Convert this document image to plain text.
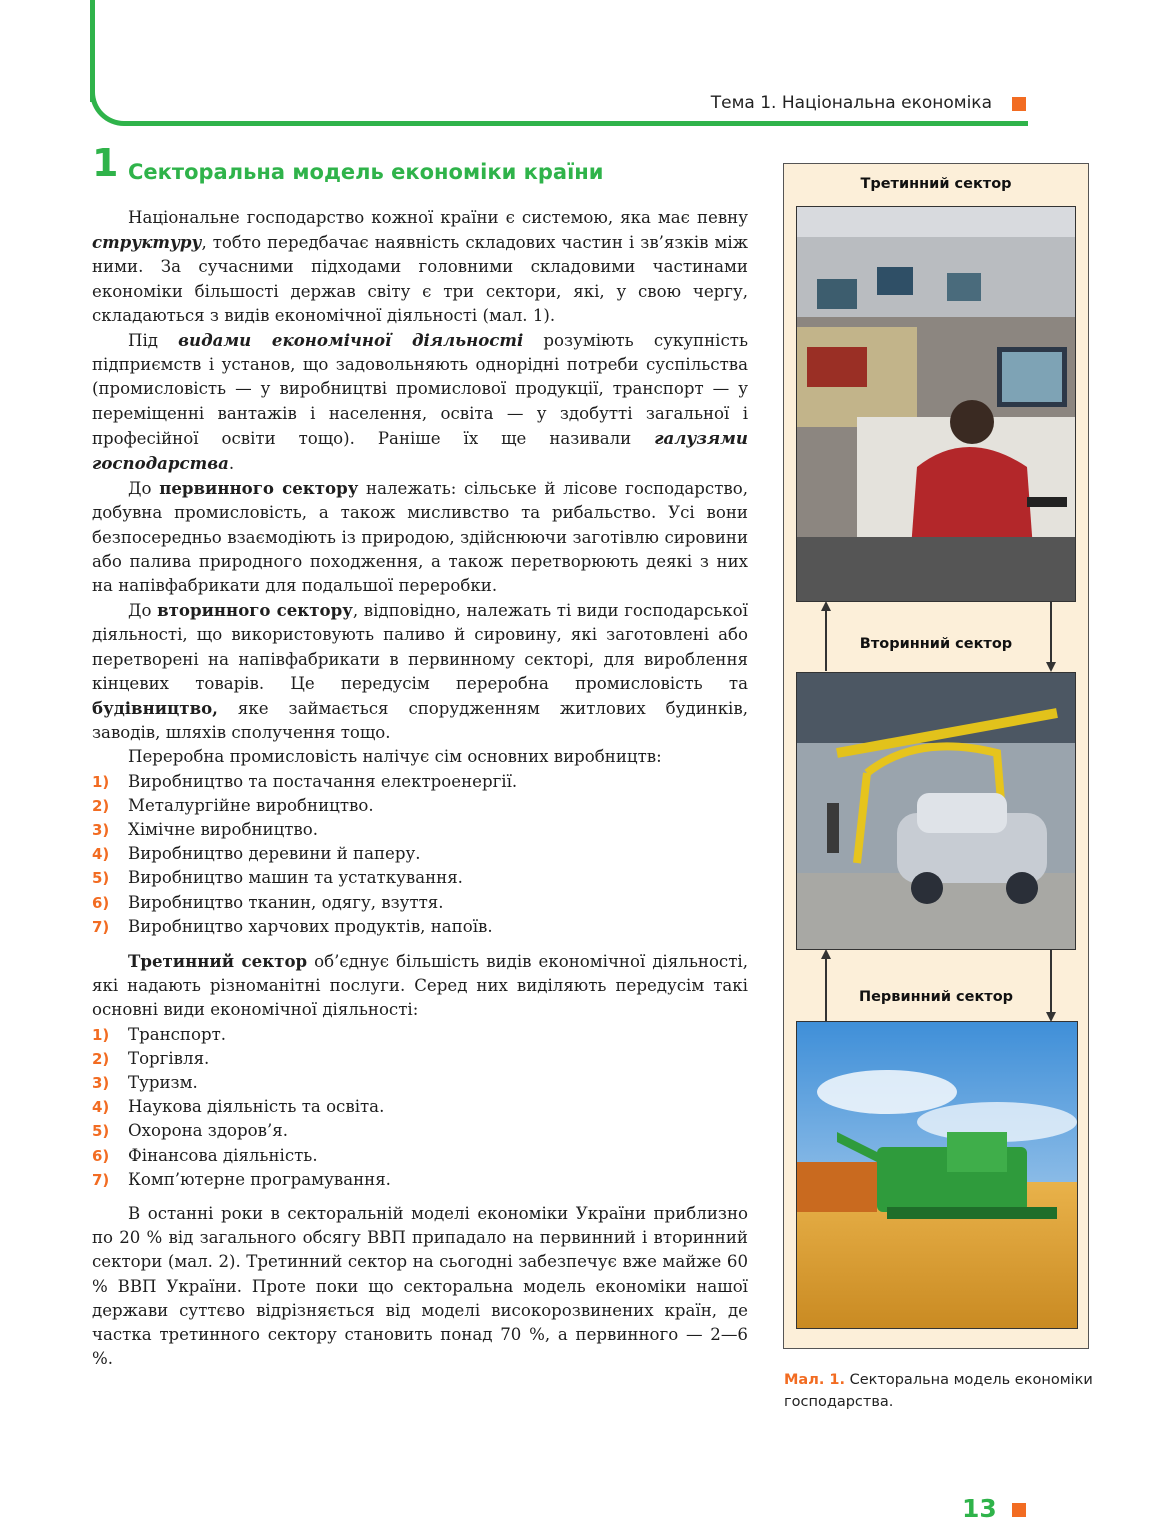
Тема 1. Національна економіка
1 Секторальна модель економіки країни

Національне господарство кожної країни є системою, яка має певну структуру, тобто передбачає наявність складових частин і зв’язків між ними. За сучасними підходами головними складовими частинами економіки більшості держав світу є три сектори, які, у свою чергу, складаються з видів економічної діяльності (мал. 1).

Під видами економічної діяльності розуміють сукупність підприємств і установ, що задовольняють однорідні потреби суспільства (промисловість — у виробництві промислової продукції, транспорт — у переміщенні вантажів і населення, освіта — у здобутті загальної і професійної освіти тощо). Раніше їх ще називали галузями господарства.

До первинного сектору належать: сільське й лісове господарство, добувна промисловість, а також мисливство та рибальство. Усі вони безпосередньо взаємодіють із природою, здійснюючи заготівлю сировини або палива природного походження, а також перетворюють деякі з них на напівфабрикати для подальшої переробки.

До вторинного сектору, відповідно, належать ті види господарської діяльності, що використовують паливо й сировину, які заготовлені або перетворені на напівфабрикати в первинному секторі, для вироблення кінцевих товарів. Це передусім переробна промисловість та будівництво, яке займається спорудженням житлових будинків, заводів, шляхів сполучення тощо.

Переробна промисловість налічує сім основних виробництв:

1) Виробництво та постачання електроенергії.
2) Металургійне виробництво.
3) Хімічне виробництво.
4) Виробництво деревини й паперу.
5) Виробництво машин та устаткування.
6) Виробництво тканин, одягу, взуття.
7) Виробництво харчових продуктів, напоїв.

Третинний сектор об’єднує більшість видів економічної діяльності, які надають різноманітні послуги. Серед них виділяють передусім такі основні види економічної діяльності:

1) Транспорт.
2) Торгівля.
3) Туризм.
4) Наукова діяльність та освіта.
5) Охорона здоров’я.
6) Фінансова діяльність.
7) Комп’ютерне програмування.

В останні роки в секторальній моделі економіки України приблизно по 20 % від загального обсягу ВВП припадало на первинний і вторинний сектори (мал. 2). Третинний сектор на сьогодні забезпечує вже майже 60 % ВВП України. Проте поки що секторальна модель економіки нашої держави суттєво відрізняється від моделі високорозвинених країн, де частка третинного сектору становить понад 70 %, а первинного — 2—6 %.

Третинний сектор
Вторинний сектор
Первинний сектор
Мал. 1. Секторальна модель економіки господарства.
13
